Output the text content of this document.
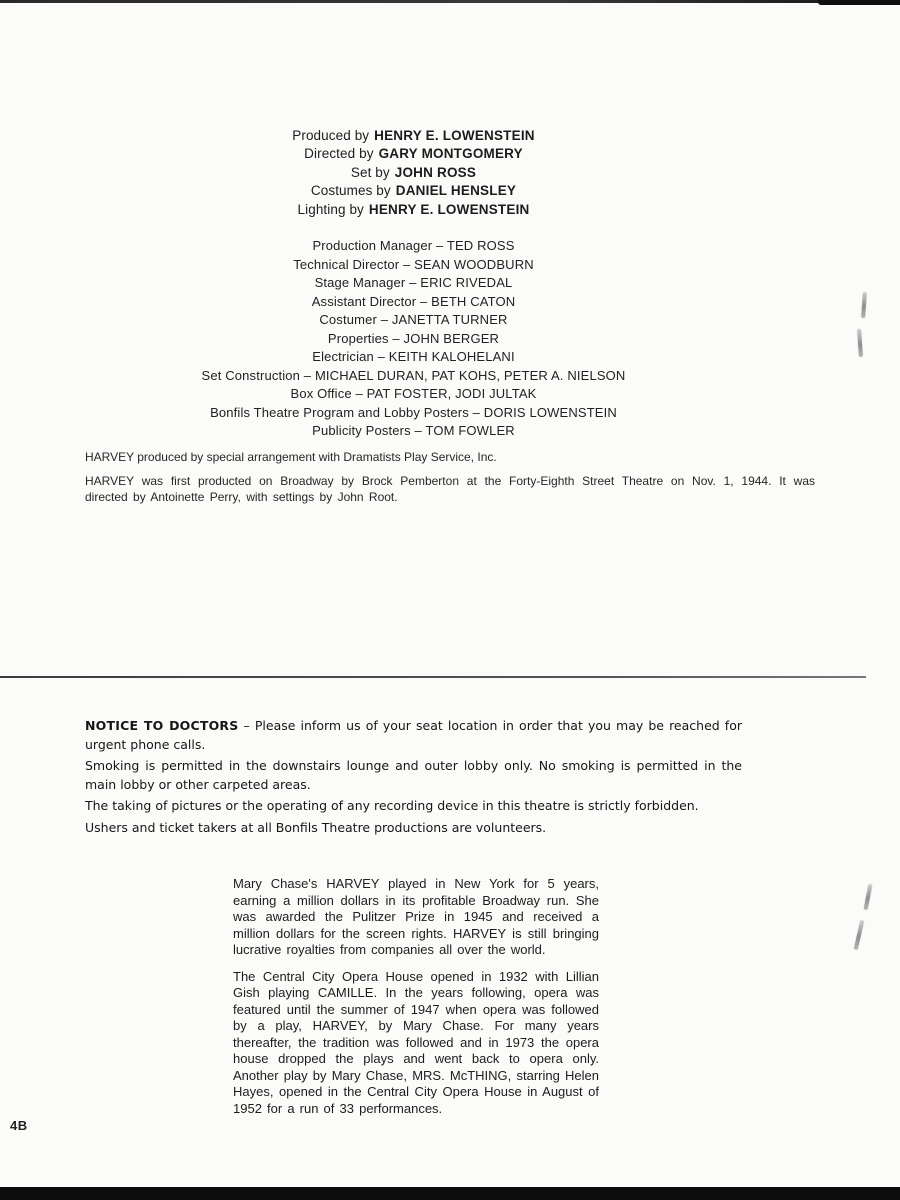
Produced by HENRY E. LOWENSTEIN
Directed by GARY MONTGOMERY
Set by JOHN ROSS
Costumes by DANIEL HENSLEY
Lighting by HENRY E. LOWENSTEIN
Production Manager – TED ROSS
Technical Director – SEAN WOODBURN
Stage Manager – ERIC RIVEDAL
Assistant Director – BETH CATON
Costumer – JANETTA TURNER
Properties – JOHN BERGER
Electrician – KEITH KALOHELANI
Set Construction – MICHAEL DURAN, PAT KOHS, PETER A. NIELSON
Box Office – PAT FOSTER, JODI JULTAK
Bonfils Theatre Program and Lobby Posters – DORIS LOWENSTEIN
Publicity Posters – TOM FOWLER

HARVEY produced by special arrangement with Dramatists Play Service, Inc.

HARVEY was first producted on Broadway by Brock Pemberton at the Forty-Eighth Street Theatre on Nov. 1, 1944. It was directed by Antoinette Perry, with settings by John Root.

NOTICE TO DOCTORS – Please inform us of your seat location in order that you may be reached for urgent phone calls.

Smoking is permitted in the downstairs lounge and outer lobby only. No smoking is permitted in the main lobby or other carpeted areas.

The taking of pictures or the operating of any recording device in this theatre is strictly forbidden.

Ushers and ticket takers at all Bonfils Theatre productions are volunteers.

Mary Chase's HARVEY played in New York for 5 years, earning a million dollars in its profitable Broadway run. She was awarded the Pulitzer Prize in 1945 and received a million dollars for the screen rights. HARVEY is still bringing lucrative royalties from companies all over the world.

The Central City Opera House opened in 1932 with Lillian Gish playing CAMILLE. In the years following, opera was featured until the summer of 1947 when opera was followed by a play, HARVEY, by Mary Chase. For many years thereafter, the tradition was followed and in 1973 the opera house dropped the plays and went back to opera only. Another play by Mary Chase, MRS. McTHING, starring Helen Hayes, opened in the Central City Opera House in August of 1952 for a run of 33 performances.

4B
